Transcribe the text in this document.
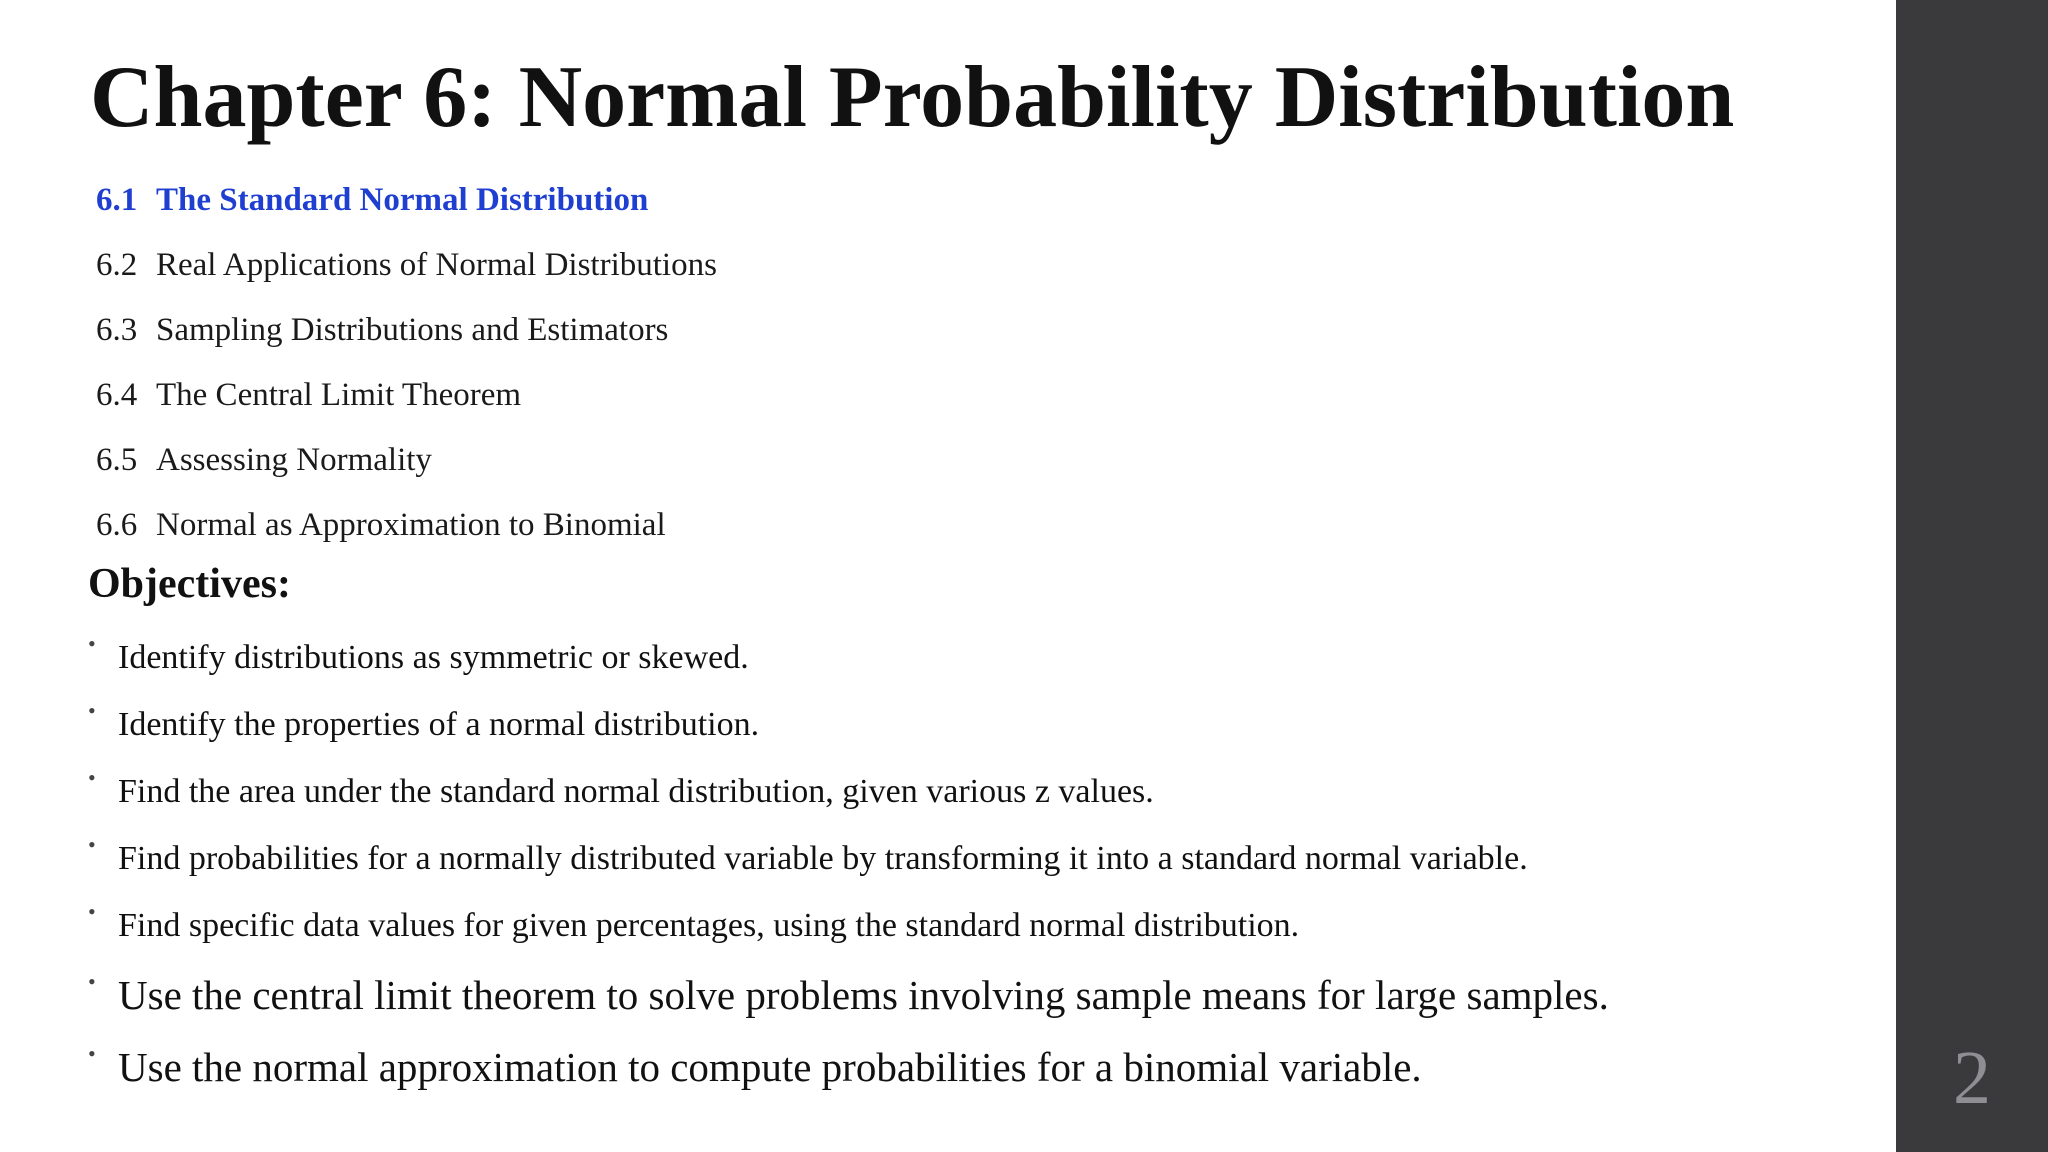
Chapter 6: Normal Probability Distribution
6.1 The Standard Normal Distribution
6.2 Real Applications of Normal Distributions
6.3 Sampling Distributions and Estimators
6.4 The Central Limit Theorem
6.5 Assessing Normality
6.6 Normal as Approximation to Binomial
Objectives:
• Identify distributions as symmetric or skewed.
• Identify the properties of a normal distribution.
• Find the area under the standard normal distribution, given various z values.
• Find probabilities for a normally distributed variable by transforming it into a standard normal variable.
• Find specific data values for given percentages, using the standard normal distribution.
• Use the central limit theorem to solve problems involving sample means for large samples.
• Use the normal approximation to compute probabilities for a binomial variable.	2
